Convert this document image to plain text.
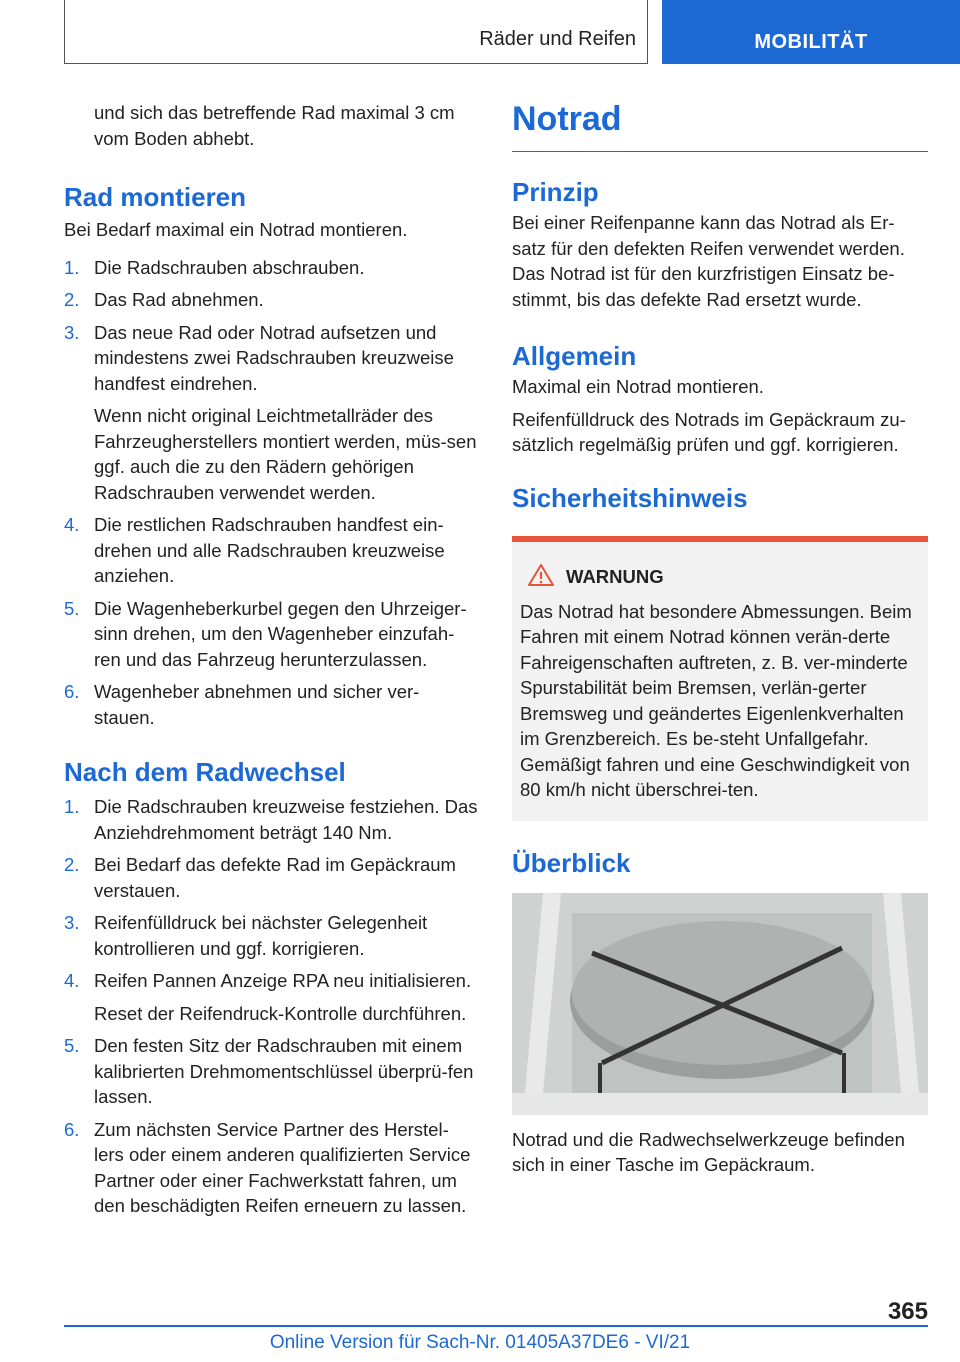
Räder und Reifen	MOBILITÄT

und sich das betreffende Rad maximal 3 cm vom Boden abhebt.

Rad montieren

Bei Bedarf maximal ein Notrad montieren.

1. Die Radschrauben abschrauben.
2. Das Rad abnehmen.
3. Das neue Rad oder Notrad aufsetzen und mindestens zwei Radschrauben kreuzweise handfest eindrehen.
Wenn nicht original Leichtmetallräder des Fahrzeugherstellers montiert werden, müs-sen ggf. auch die zu den Rädern gehörigen Radschrauben verwendet werden.
4. Die restlichen Radschrauben handfest ein-drehen und alle Radschrauben kreuzweise anziehen.
5. Die Wagenheberkurbel gegen den Uhrzeiger-sinn drehen, um den Wagenheber einzufah-ren und das Fahrzeug herunterzulassen.
6. Wagenheber abnehmen und sicher ver-stauen.
Nach dem Radwechsel
1. Die Radschrauben kreuzweise festziehen. Das Anziehdrehmoment beträgt 140 Nm.
2. Bei Bedarf das defekte Rad im Gepäckraum verstauen.
3. Reifenfülldruck bei nächster Gelegenheit kontrollieren und ggf. korrigieren.
4. Reifen Pannen Anzeige RPA neu initialisieren.
Reset der Reifendruck-Kontrolle durchführen.
5. Den festen Sitz der Radschrauben mit einem kalibrierten Drehmomentschlüssel überprü-fen lassen.
6. Zum nächsten Service Partner des Herstel-lers oder einem anderen qualifizierten Service Partner oder einer Fachwerkstatt fahren, um den beschädigten Reifen erneuern zu lassen.
Notrad
Prinzip

Bei einer Reifenpanne kann das Notrad als Er-satz für den defekten Reifen verwendet werden. Das Notrad ist für den kurzfristigen Einsatz be-stimmt, bis das defekte Rad ersetzt wurde.

Allgemein

Maximal ein Notrad montieren.

Reifenfülldruck des Notrads im Gepäckraum zu-sätzlich regelmäßig prüfen und ggf. korrigieren.

Sicherheitshinweis
WARNUNG

Das Notrad hat besondere Abmessungen. Beim Fahren mit einem Notrad können verän-derte Fahreigenschaften auftreten, z. B. ver-minderte Spurstabilität beim Bremsen, verlän-gerter Bremsweg und geändertes Eigenlenkverhalten im Grenzbereich. Es be-steht Unfallgefahr. Gemäßigt fahren und eine Geschwindigkeit von 80 km/h nicht überschrei-ten.

Überblick

Notrad und die Radwechselwerkzeuge befinden sich in einer Tasche im Gepäckraum.

365
Online Version für Sach-Nr. 01405A37DE6 - VI/21
